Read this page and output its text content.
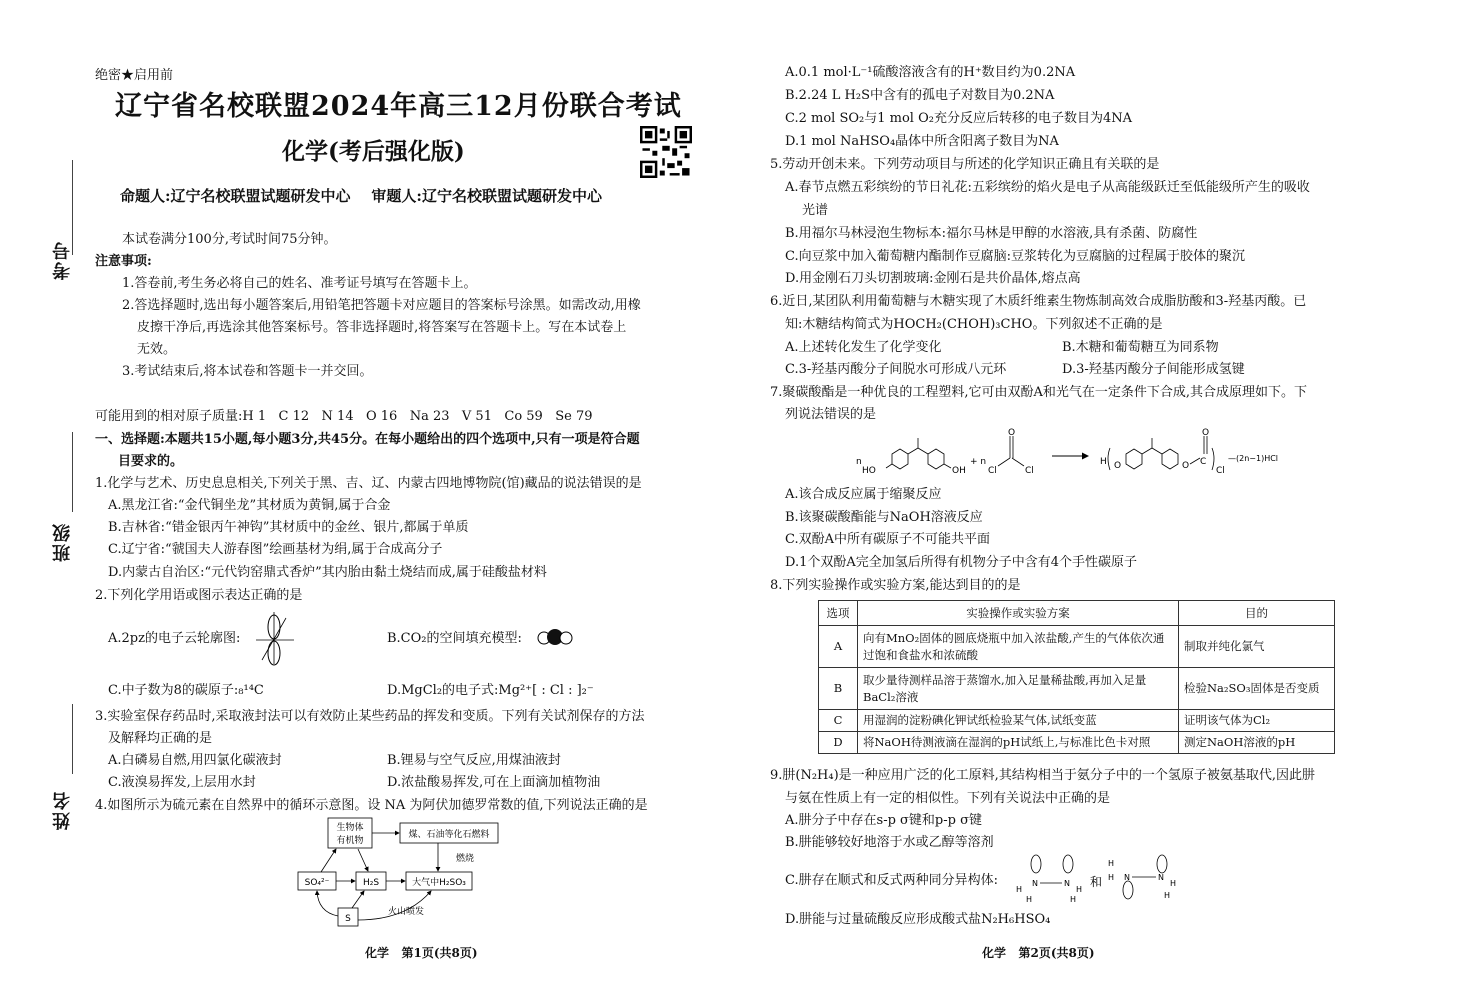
考号
班级
姓名
绝密★启用前
辽宁省名校联盟2024年高三12月份联合考试
化学(考后强化版)
命题人:辽宁名校联盟试题研发中心    审题人:辽宁名校联盟试题研发中心
本试卷满分100分,考试时间75分钟。
注意事项:
1.答卷前,考生务必将自己的姓名、准考证号填写在答题卡上。
2.答选择题时,选出每小题答案后,用铅笔把答题卡对应题目的答案标号涂黑。如需改动,用橡
皮擦干净后,再选涂其他答案标号。答非选择题时,将答案写在答题卡上。写在本试卷上
无效。
3.考试结束后,将本试卷和答题卡一并交回。
可能用到的相对原子质量:H 1   C 12   N 14   O 16   Na 23   V 51   Co 59   Se 79
一、选择题:本题共15小题,每小题3分,共45分。在每小题给出的四个选项中,只有一项是符合题
目要求的。
1.化学与艺术、历史息息相关,下列关于黑、吉、辽、内蒙古四地博物院(馆)藏品的说法错误的是
A.黑龙江省:“金代铜坐龙”其材质为黄铜,属于合金
B.吉林省:“错金银丙午神钩”其材质中的金丝、银片,都属于单质
C.辽宁省:“虢国夫人游春图”绘画基材为绢,属于合成高分子
D.内蒙古自治区:“元代钧窑鼎式香炉”其内胎由黏土烧结而成,属于硅酸盐材料
2.下列化学用语或图示表达正确的是
A.2pz的电子云轮廓图:	B.CO₂的空间填充模型:
C.中子数为8的碳原子:₈¹⁴C	D.MgCl₂的电子式:Mg²⁺[ : Cl : ]₂⁻
3.实验室保存药品时,采取液封法可以有效防止某些药品的挥发和变质。下列有关试剂保存的方法
及解释均正确的是
A.白磷易自燃,用四氯化碳液封	B.锂易与空气反应,用煤油液封
C.液溴易挥发,上层用水封	D.浓盐酸易挥发,可在上面滴加植物油
4.如图所示为硫元素在自然界中的循环示意图。设 NA 为阿伏加德罗常数的值,下列说法正确的是
生物体
有机物
煤、石油等化石燃料
燃烧
SO₄²⁻	H₂S	大气中H₂SO₃
S
火山喷发
A.0.1 mol·L⁻¹硫酸溶液含有的H⁺数目约为0.2NA
B.2.24 L H₂S中含有的孤电子对数目为0.2NA
C.2 mol SO₂与1 mol O₂充分反应后转移的电子数目为4NA
D.1 mol NaHSO₄晶体中所含阳离子数目为NA
5.劳动开创未来。下列劳动项目与所述的化学知识正确且有关联的是
A.春节点燃五彩缤纷的节日礼花:五彩缤纷的焰火是电子从高能级跃迁至低能级所产生的吸收
光谱
B.用福尔马林浸泡生物标本:福尔马林是甲醇的水溶液,具有杀菌、防腐性
C.向豆浆中加入葡萄糖内酯制作豆腐脑:豆浆转化为豆腐脑的过程属于胶体的聚沉
D.用金刚石刀头切割玻璃:金刚石是共价晶体,熔点高
6.近日,某团队利用葡萄糖与木糖实现了木质纤维素生物炼制高效合成脂肪酸和3-羟基丙酸。已
知:木糖结构简式为HOCH₂(CHOH)₃CHO。下列叙述不正确的是
A.上述转化发生了化学变化	B.木糖和葡萄糖互为同系物
C.3-羟基丙酸分子间脱水可形成八元环	D.3-羟基丙酸分子间能形成氢键
7.聚碳酸酯是一种优良的工程塑料,它可由双酚A和光气在一定条件下合成,其合成原理如下。下
列说法错误的是
n
HO	OH
+ n
Cl
O
Cl
H O	O C
O
Cl
—(2n−1)HCl
A.该合成反应属于缩聚反应
B.该聚碳酸酯能与NaOH溶液反应
C.双酚A中所有碳原子不可能共平面
D.1个双酚A完全加氢后所得有机物分子中含有4个手性碳原子
8.下列实验操作或实验方案,能达到目的的是
选项	实验操作或实验方案	目的
A	向有MnO₂固体的圆底烧瓶中加入浓盐酸,产生的气体依次通过饱和食盐水和浓硫酸	制取并纯化氯气
B	取少量待测样品溶于蒸馏水,加入足量稀盐酸,再加入足量BaCl₂溶液	检验Na₂SO₃固体是否变质
C	用湿润的淀粉碘化钾试纸检验某气体,试纸变蓝	证明该气体为Cl₂
D	将NaOH待测液滴在湿润的pH试纸上,与标准比色卡对照	测定NaOH溶液的pH
9.肼(N₂H₄)是一种应用广泛的化工原料,其结构相当于氨分子中的一个氢原子被氨基取代,因此肼
与氨在性质上有一定的相似性。下列有关说法中正确的是
A.肼分子中存在s-p σ键和p-p σ键
B.肼能够较好地溶于水或乙醇等溶剂
C.肼存在顺式和反式两种同分异构体:	N	N
H
H
H
H
和	N	N
H
H
H
H
D.肼能与过量硫酸反应形成酸式盐N₂H₆HSO₄
化学   第1页(共8页)	化学   第2页(共8页)
